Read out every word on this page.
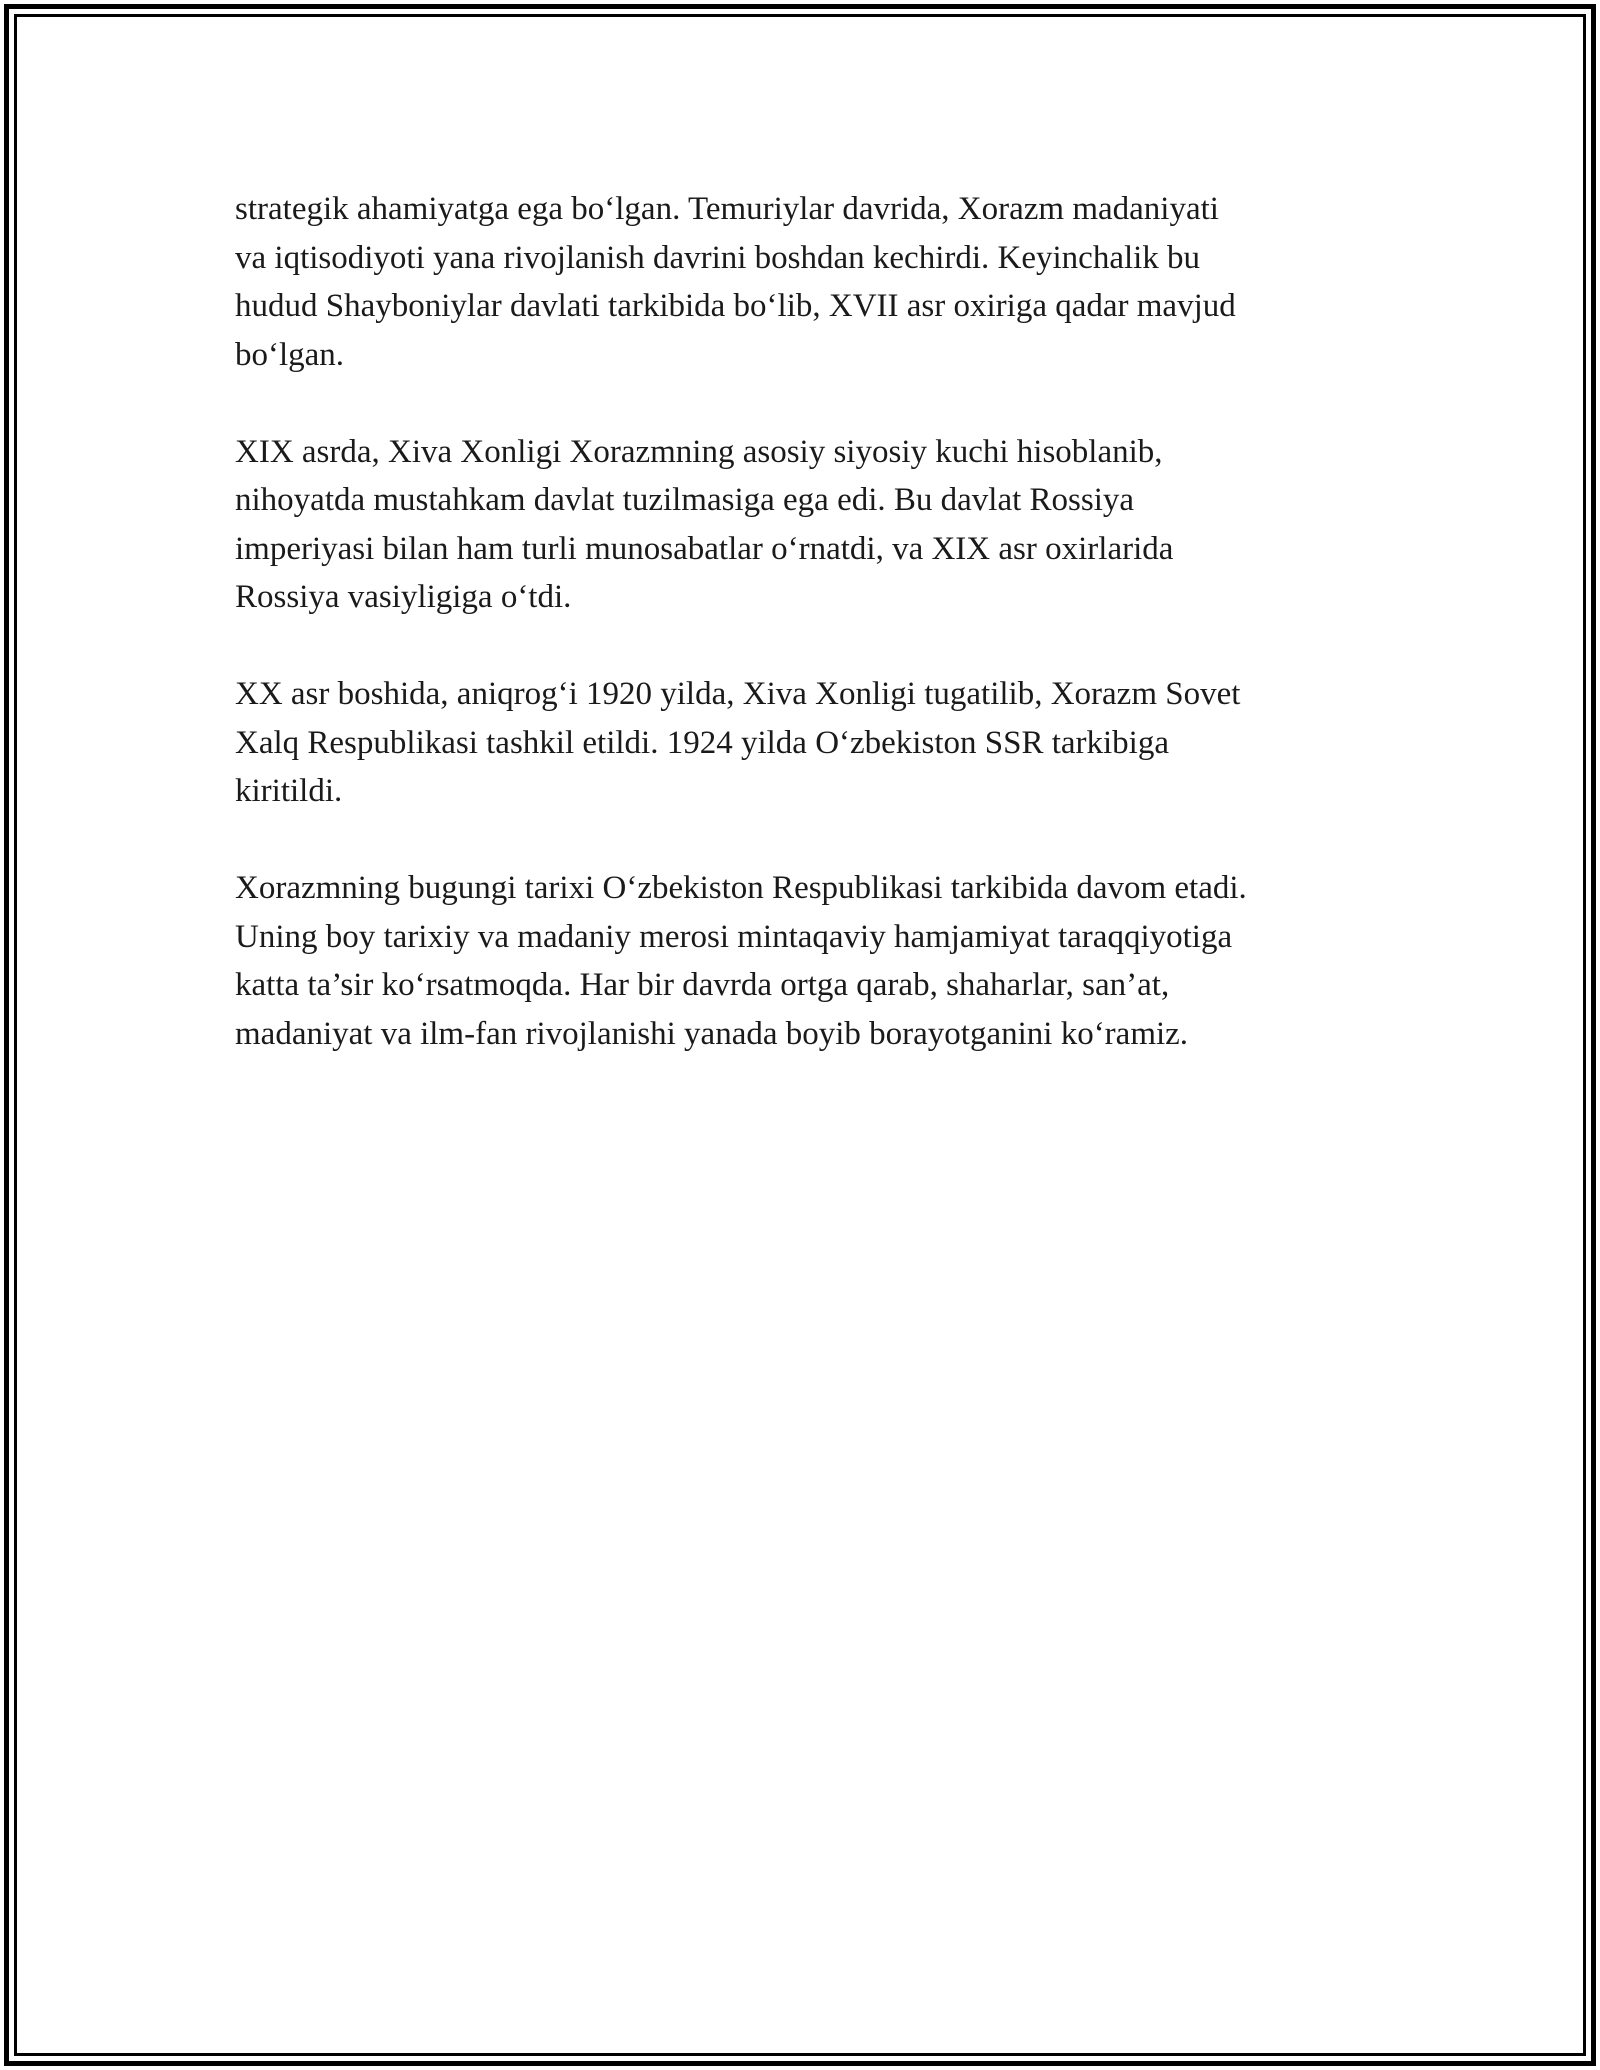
strategik ahamiyatga ega bo‘lgan. Temuriylar davrida, Xorazm madaniyati
va iqtisodiyoti yana rivojlanish davrini boshdan kechirdi. Keyinchalik bu
hudud Shayboniylar davlati tarkibida bo‘lib, XVII asr oxiriga qadar mavjud
bo‘lgan.

XIX asrda, Xiva Xonligi Xorazmning asosiy siyosiy kuchi hisoblanib,
nihoyatda mustahkam davlat tuzilmasiga ega edi. Bu davlat Rossiya
imperiyasi bilan ham turli munosabatlar o‘rnatdi, va XIX asr oxirlarida
Rossiya vasiyligiga o‘tdi.

XX asr boshida, aniqrog‘i 1920 yilda, Xiva Xonligi tugatilib, Xorazm Sovet
Xalq Respublikasi tashkil etildi. 1924 yilda O‘zbekiston SSR tarkibiga
kiritildi.

Xorazmning bugungi tarixi O‘zbekiston Respublikasi tarkibida davom etadi.
Uning boy tarixiy va madaniy merosi mintaqaviy hamjamiyat taraqqiyotiga
katta ta’sir ko‘rsatmoqda. Har bir davrda ortga qarab, shaharlar, san’at,
madaniyat va ilm-fan rivojlanishi yanada boyib borayotganini ko‘ramiz.
